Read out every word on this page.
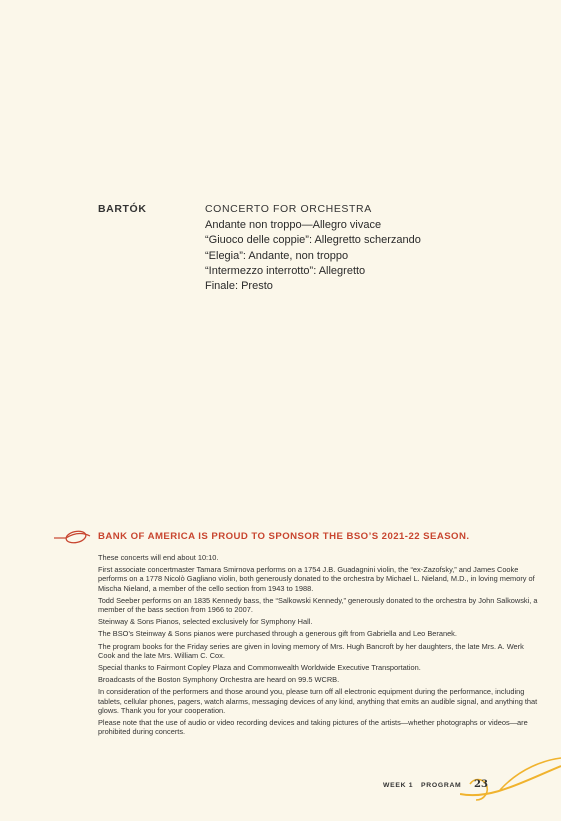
BARTÓK	CONCERTO FOR ORCHESTRA
Andante non troppo—Allegro vivace
“Giuoco delle coppie”: Allegretto scherzando
“Elegia”: Andante, non troppo
“Intermezzo interrotto”: Allegretto
Finale: Presto
BANK OF AMERICA IS PROUD TO SPONSOR THE BSO’S 2021-22 SEASON.

These concerts will end about 10:10.

First associate concertmaster Tamara Smirnova performs on a 1754 J.B. Guadagnini violin, the “ex-Zazofsky,” and James Cooke performs on a 1778 Nicolò Gagliano violin, both generously donated to the orchestra by Michael L. Nieland, M.D., in loving memory of Mischa Nieland, a member of the cello section from 1943 to 1988.

Todd Seeber performs on an 1835 Kennedy bass, the “Salkowski Kennedy,” generously donated to the orchestra by John Salkowski, a member of the bass section from 1966 to 2007.

Steinway & Sons Pianos, selected exclusively for Symphony Hall.

The BSO’s Steinway & Sons pianos were purchased through a generous gift from Gabriella and Leo Beranek.

The program books for the Friday series are given in loving memory of Mrs. Hugh Bancroft by her daughters, the late Mrs. A. Werk Cook and the late Mrs. William C. Cox.

Special thanks to Fairmont Copley Plaza and Commonwealth Worldwide Executive Transportation.

Broadcasts of the Boston Symphony Orchestra are heard on 99.5 WCRB.

In consideration of the performers and those around you, please turn off all electronic equipment during the performance, including tablets, cellular phones, pagers, watch alarms, messaging devices of any kind, anything that emits an audible signal, and anything that glows. Thank you for your cooperation.

Please note that the use of audio or video recording devices and taking pictures of the artists—whether photographs or videos—are prohibited during concerts.

WEEK 1   PROGRAM 23
